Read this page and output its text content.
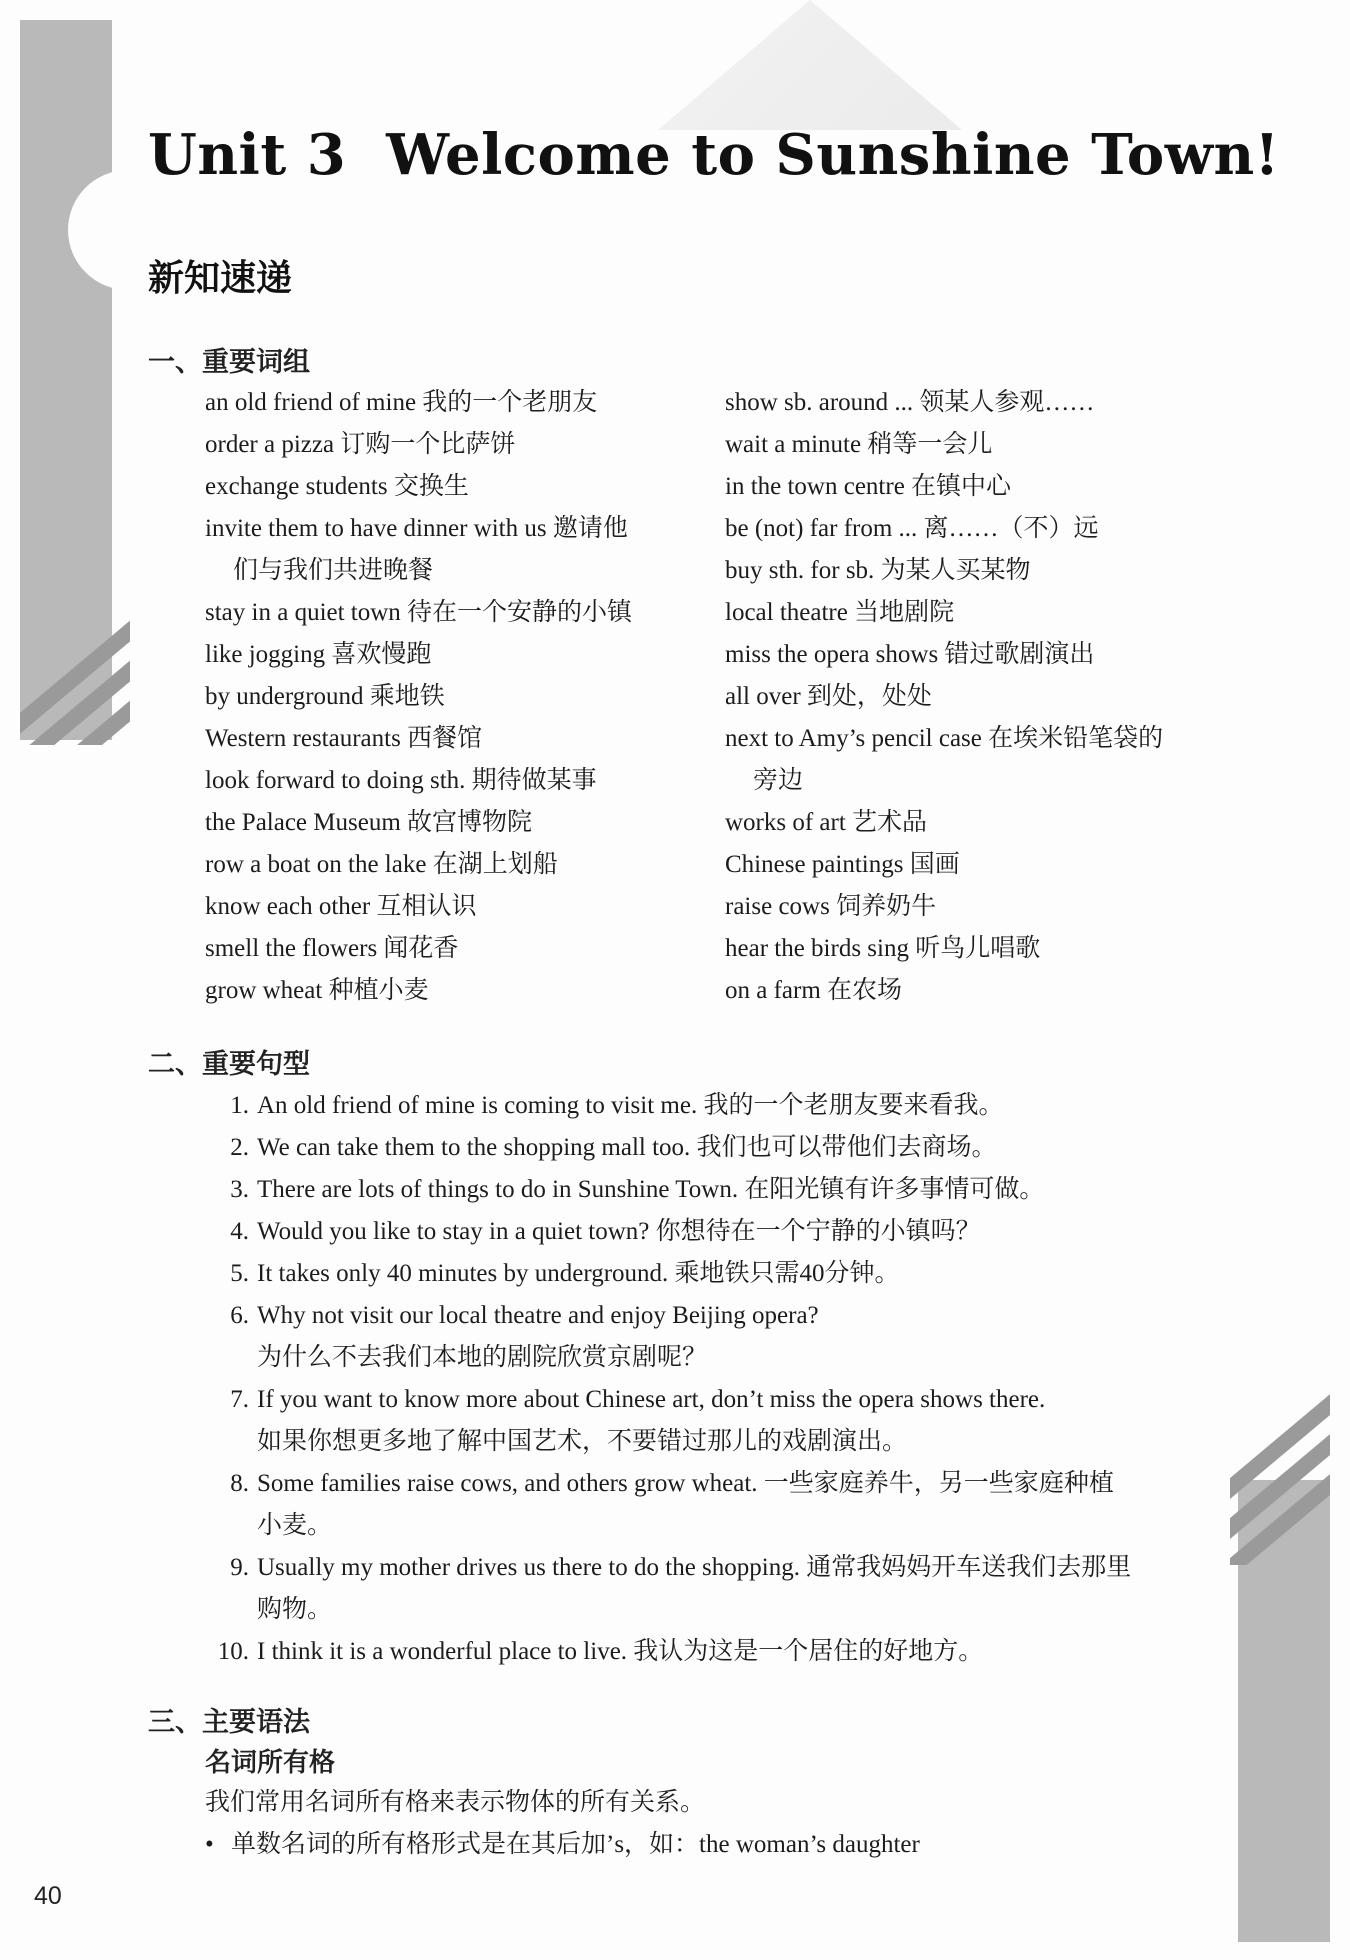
Unit 3 Welcome to Sunshine Town!
新知速递
一、重要词组
an old friend of mine 我的一个老朋友
order a pizza 订购一个比萨饼
exchange students 交换生
invite them to have dinner with us 邀请他
们与我们共进晚餐
stay in a quiet town 待在一个安静的小镇
like jogging 喜欢慢跑
by underground 乘地铁
Western restaurants 西餐馆
look forward to doing sth. 期待做某事
the Palace Museum 故宫博物院
row a boat on the lake 在湖上划船
know each other 互相认识
smell the flowers 闻花香
grow wheat 种植小麦
show sb. around ... 领某人参观……
wait a minute 稍等一会儿
in the town centre 在镇中心
be (not) far from ... 离……（不）远
buy sth. for sb. 为某人买某物
local theatre 当地剧院
miss the opera shows 错过歌剧演出
all over 到处，处处
next to Amy’s pencil case 在埃米铅笔袋的
旁边
works of art 艺术品
Chinese paintings 国画
raise cows 饲养奶牛
hear the birds sing 听鸟儿唱歌
on a farm 在农场
二、重要句型
1. An old friend of mine is coming to visit me. 我的一个老朋友要来看我。
2. We can take them to the shopping mall too. 我们也可以带他们去商场。
3. There are lots of things to do in Sunshine Town. 在阳光镇有许多事情可做。
4. Would you like to stay in a quiet town? 你想待在一个宁静的小镇吗？
5. It takes only 40 minutes by underground. 乘地铁只需40分钟。
6. Why not visit our local theatre and enjoy Beijing opera?
为什么不去我们本地的剧院欣赏京剧呢？
7. If you want to know more about Chinese art, don’t miss the opera shows there.
如果你想更多地了解中国艺术，不要错过那儿的戏剧演出。
8. Some families raise cows, and others grow wheat. 一些家庭养牛，另一些家庭种植
小麦。
9. Usually my mother drives us there to do the shopping. 通常我妈妈开车送我们去那里
购物。
10. I think it is a wonderful place to live. 我认为这是一个居住的好地方。
三、主要语法
名词所有格

我们常用名词所有格来表示物体的所有关系。

• 单数名词的所有格形式是在其后加’s，如：the woman’s daughter

40
